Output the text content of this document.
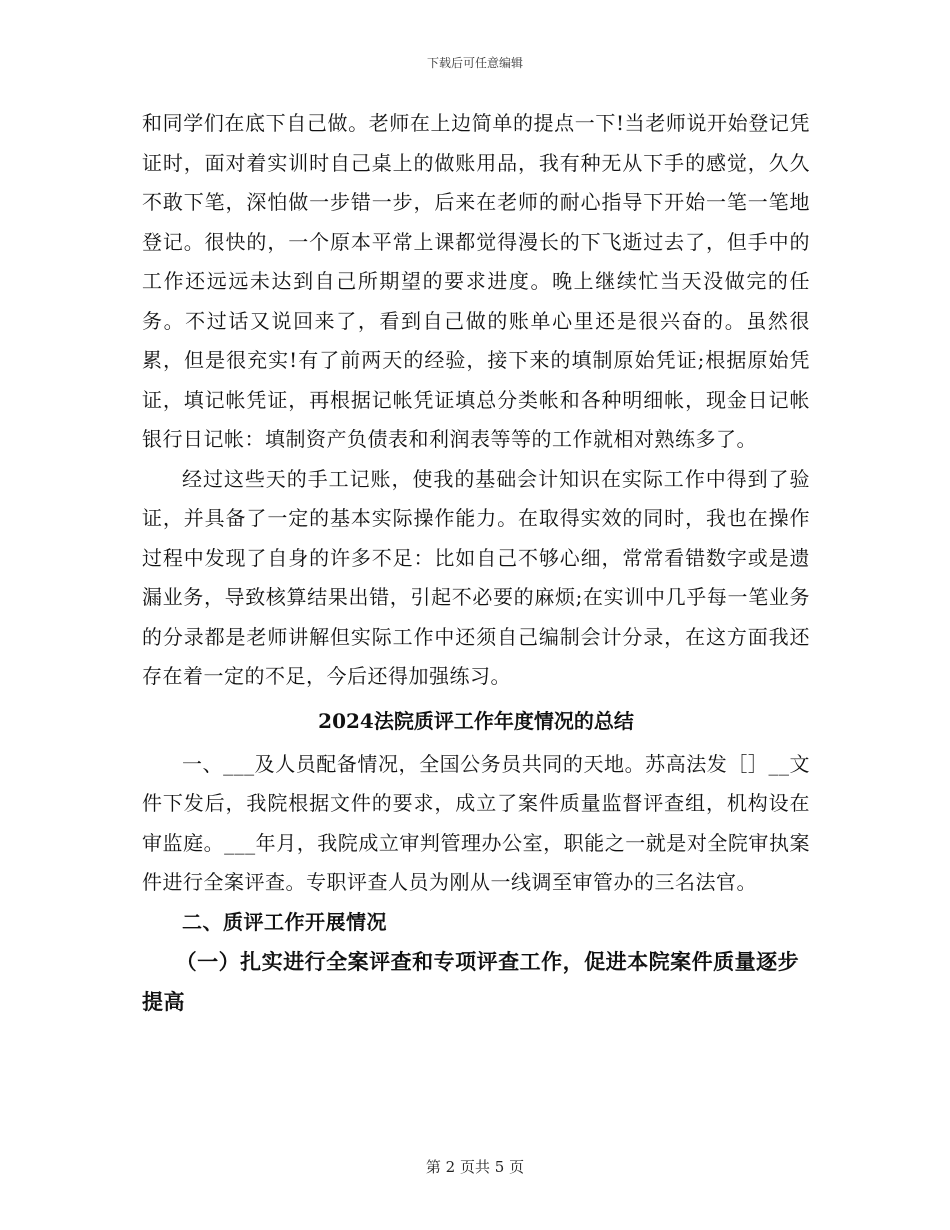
下载后可任意编辑

和同学们在底下自己做。老师在上边简单的提点一下!当老师说开始登记凭证时，面对着实训时自己桌上的做账用品，我有种无从下手的感觉，久久不敢下笔，深怕做一步错一步，后来在老师的耐心指导下开始一笔一笔地登记。很快的，一个原本平常上课都觉得漫长的下飞逝过去了，但手中的工作还远远未达到自己所期望的要求进度。晚上继续忙当天没做完的任务。不过话又说回来了，看到自己做的账单心里还是很兴奋的。虽然很累，但是很充实!有了前两天的经验，接下来的填制原始凭证;根据原始凭证，填记帐凭证，再根据记帐凭证填总分类帐和各种明细帐，现金日记帐银行日记帐：填制资产负债表和利润表等等的工作就相对熟练多了。

经过这些天的手工记账，使我的基础会计知识在实际工作中得到了验证，并具备了一定的基本实际操作能力。在取得实效的同时，我也在操作过程中发现了自身的许多不足：比如自己不够心细，常常看错数字或是遗漏业务，导致核算结果出错，引起不必要的麻烦;在实训中几乎每一笔业务的分录都是老师讲解但实际工作中还须自己编制会计分录，在这方面我还存在着一定的不足，今后还得加强练习。

2024法院质评工作年度情况的总结

一、___及人员配备情况，全国公务员共同的天地。苏高法发［］__文件下发后，我院根据文件的要求，成立了案件质量监督评查组，机构设在审监庭。___年月，我院成立审判管理办公室，职能之一就是对全院审执案件进行全案评查。专职评查人员为刚从一线调至审管办的三名法官。

二、质评工作开展情况

（一）扎实进行全案评查和专项评查工作，促进本院案件质量逐步提高

第 2 页共 5 页
